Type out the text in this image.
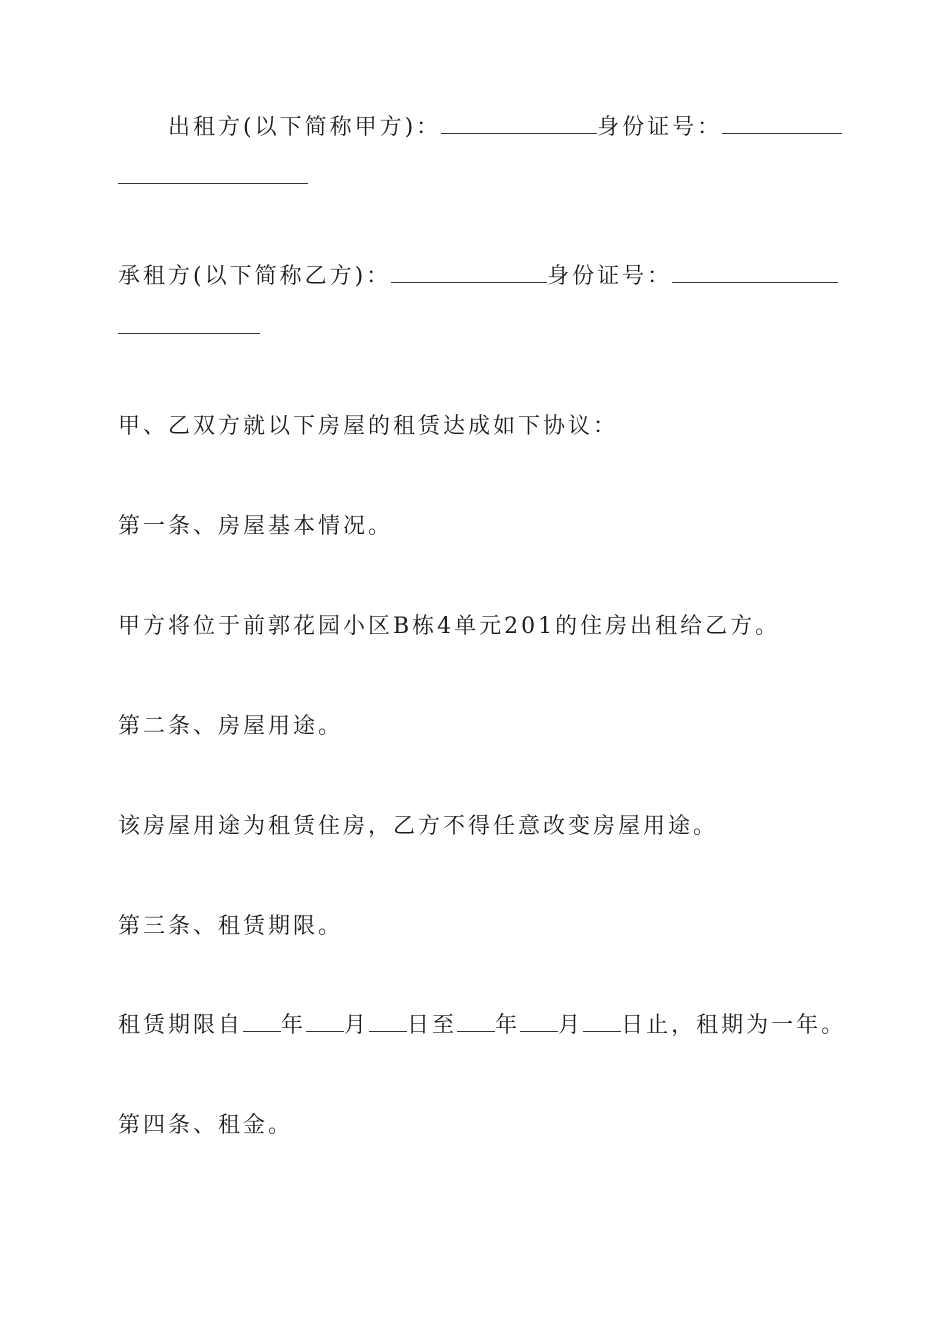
出租方(以下简称甲方)：	身份证号：
承租方(以下简称乙方)：	身份证号：
甲、乙双方就以下房屋的租赁达成如下协议：
第一条、房屋基本情况。
甲方将位于前郭花园小区B栋4单元201的住房出租给乙方。
第二条、房屋用途。
该房屋用途为租赁住房，乙方不得任意改变房屋用途。
第三条、租赁期限。
租赁期限自 年 月 日至 年 月 日止，租期为一年。
第四条、租金。
